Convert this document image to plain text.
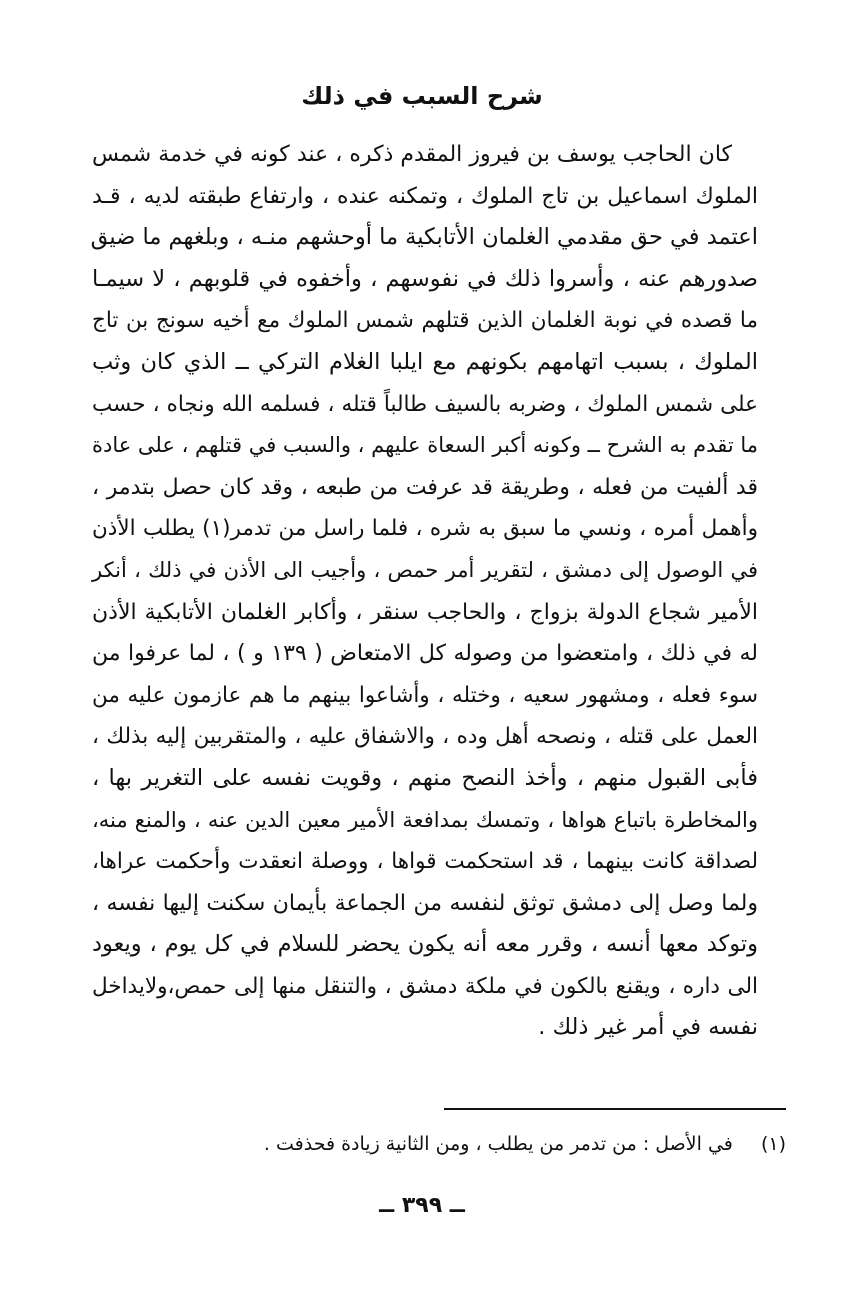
شرح السبب في ذلك
كان الحاجب يوسف بن فيروز المقدم ذكره ، عند كونه في خدمة شمس
الملوك اسماعيل بن تاج الملوك ، وتمكنه عنده ، وارتفاع طبقته لديه ، قـد
اعتمد في حق مقدمي الغلمان الأتابكية ما أوحشهم منـه ، وبلغهم ما ضيق
صدورهم عنه ، وأسروا ذلك في نفوسهم ، وأخفوه في قلوبهم ، لا سيمـا
ما قصده في نوبة الغلمان الذين قتلهم شمس الملوك مع أخيه سونج بن تاج
الملوك ، بسبب اتهامهم بكونهم مع ايلبا الغلام التركي ــ الذي كان وثب
على شمس الملوك ، وضربه بالسيف طالباً قتله ، فسلمه الله ونجاه ، حسب
ما تقدم به الشرح ــ وكونه أكبر السعاة عليهم ، والسبب في قتلهم ، على عادة
قد ألفيت من فعله ، وطريقة قد عرفت من طبعه ، وقد كان حصل بتدمر ،
وأهمل أمره ، ونسي ما سبق به شره ، فلما راسل من تدمر(١) يطلب الأذن
في الوصول إلى دمشق ، لتقرير أمر حمص ، وأجيب الى الأذن في ذلك ، أنكر
الأمير شجاع الدولة بزواج ، والحاجب سنقر ، وأكابر الغلمان الأتابكية الأذن
له في ذلك ، وامتعضوا من وصوله كل الامتعاض ( ١٣٩ و ) ، لما عرفوا من
سوء فعله ، ومشهور سعيه ، وختله ، وأشاعوا بينهم ما هم عازمون عليه من
العمل على قتله ، ونصحه أهل وده ، والاشفاق عليه ، والمتقربين إليه بذلك ،
فأبى القبول منهم ، وأخذ النصح منهم ، وقويت نفسه على التغرير بها ،
والمخاطرة باتباع هواها ، وتمسك بمدافعة الأمير معين الدين عنه ، والمنع منه،
لصداقة كانت بينهما ، قد استحكمت قواها ، ووصلة انعقدت وأحكمت عراها،
ولما وصل إلى دمشق توثق لنفسه من الجماعة بأيمان سكنت إليها نفسه ،
وتوكد معها أنسه ، وقرر معه أنه يكون يحضر للسلام في كل يوم ، ويعود
الى داره ، ويقنع بالكون في ملكة دمشق ، والتنقل منها إلى حمص،ولايداخل
نفسه في أمر غير ذلك .
(١) في الأصل : من تدمر من يطلب ، ومن الثانية زيادة فحذفت .
ــ ٣٩٩ ــ
